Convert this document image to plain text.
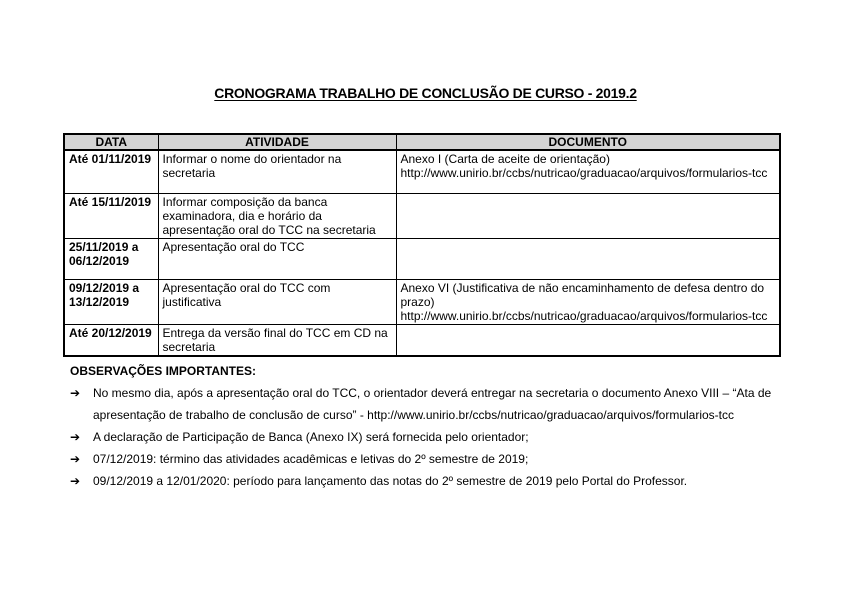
CRONOGRAMA TRABALHO DE CONCLUSÃO DE CURSO - 2019.2
DATA	ATIVIDADE	DOCUMENTO
Até 01/11/2019	Informar o nome do orientador na secretaria	Anexo I (Carta de aceite de orientação)
http://www.unirio.br/ccbs/nutricao/graduacao/arquivos/formularios-tcc

Até 15/11/2019	Informar composição da banca examinadora, dia e horário da apresentação oral do TCC na secretaria	

25/11/2019 a 06/12/2019	Apresentação oral do TCC	

09/12/2019 a 13/12/2019	Apresentação oral do TCC com justificativa	Anexo VI (Justificativa de não encaminhamento de defesa dentro do prazo)
http://www.unirio.br/ccbs/nutricao/graduacao/arquivos/formularios-tcc

Até 20/12/2019	Entrega da versão final do TCC em CD na secretaria	
OBSERVAÇÕES IMPORTANTES:
➔ No mesmo dia, após a apresentação oral do TCC, o orientador deverá entregar na secretaria o documento Anexo VIII – “Ata de apresentação de trabalho de conclusão de curso” - http://www.unirio.br/ccbs/nutricao/graduacao/arquivos/formularios-tcc
➔ A declaração de Participação de Banca (Anexo IX) será fornecida pelo orientador;
➔ 07/12/2019: término das atividades acadêmicas e letivas do 2º semestre de 2019;
➔ 09/12/2019 a 12/01/2020: período para lançamento das notas do 2º semestre de 2019 pelo Portal do Professor.
